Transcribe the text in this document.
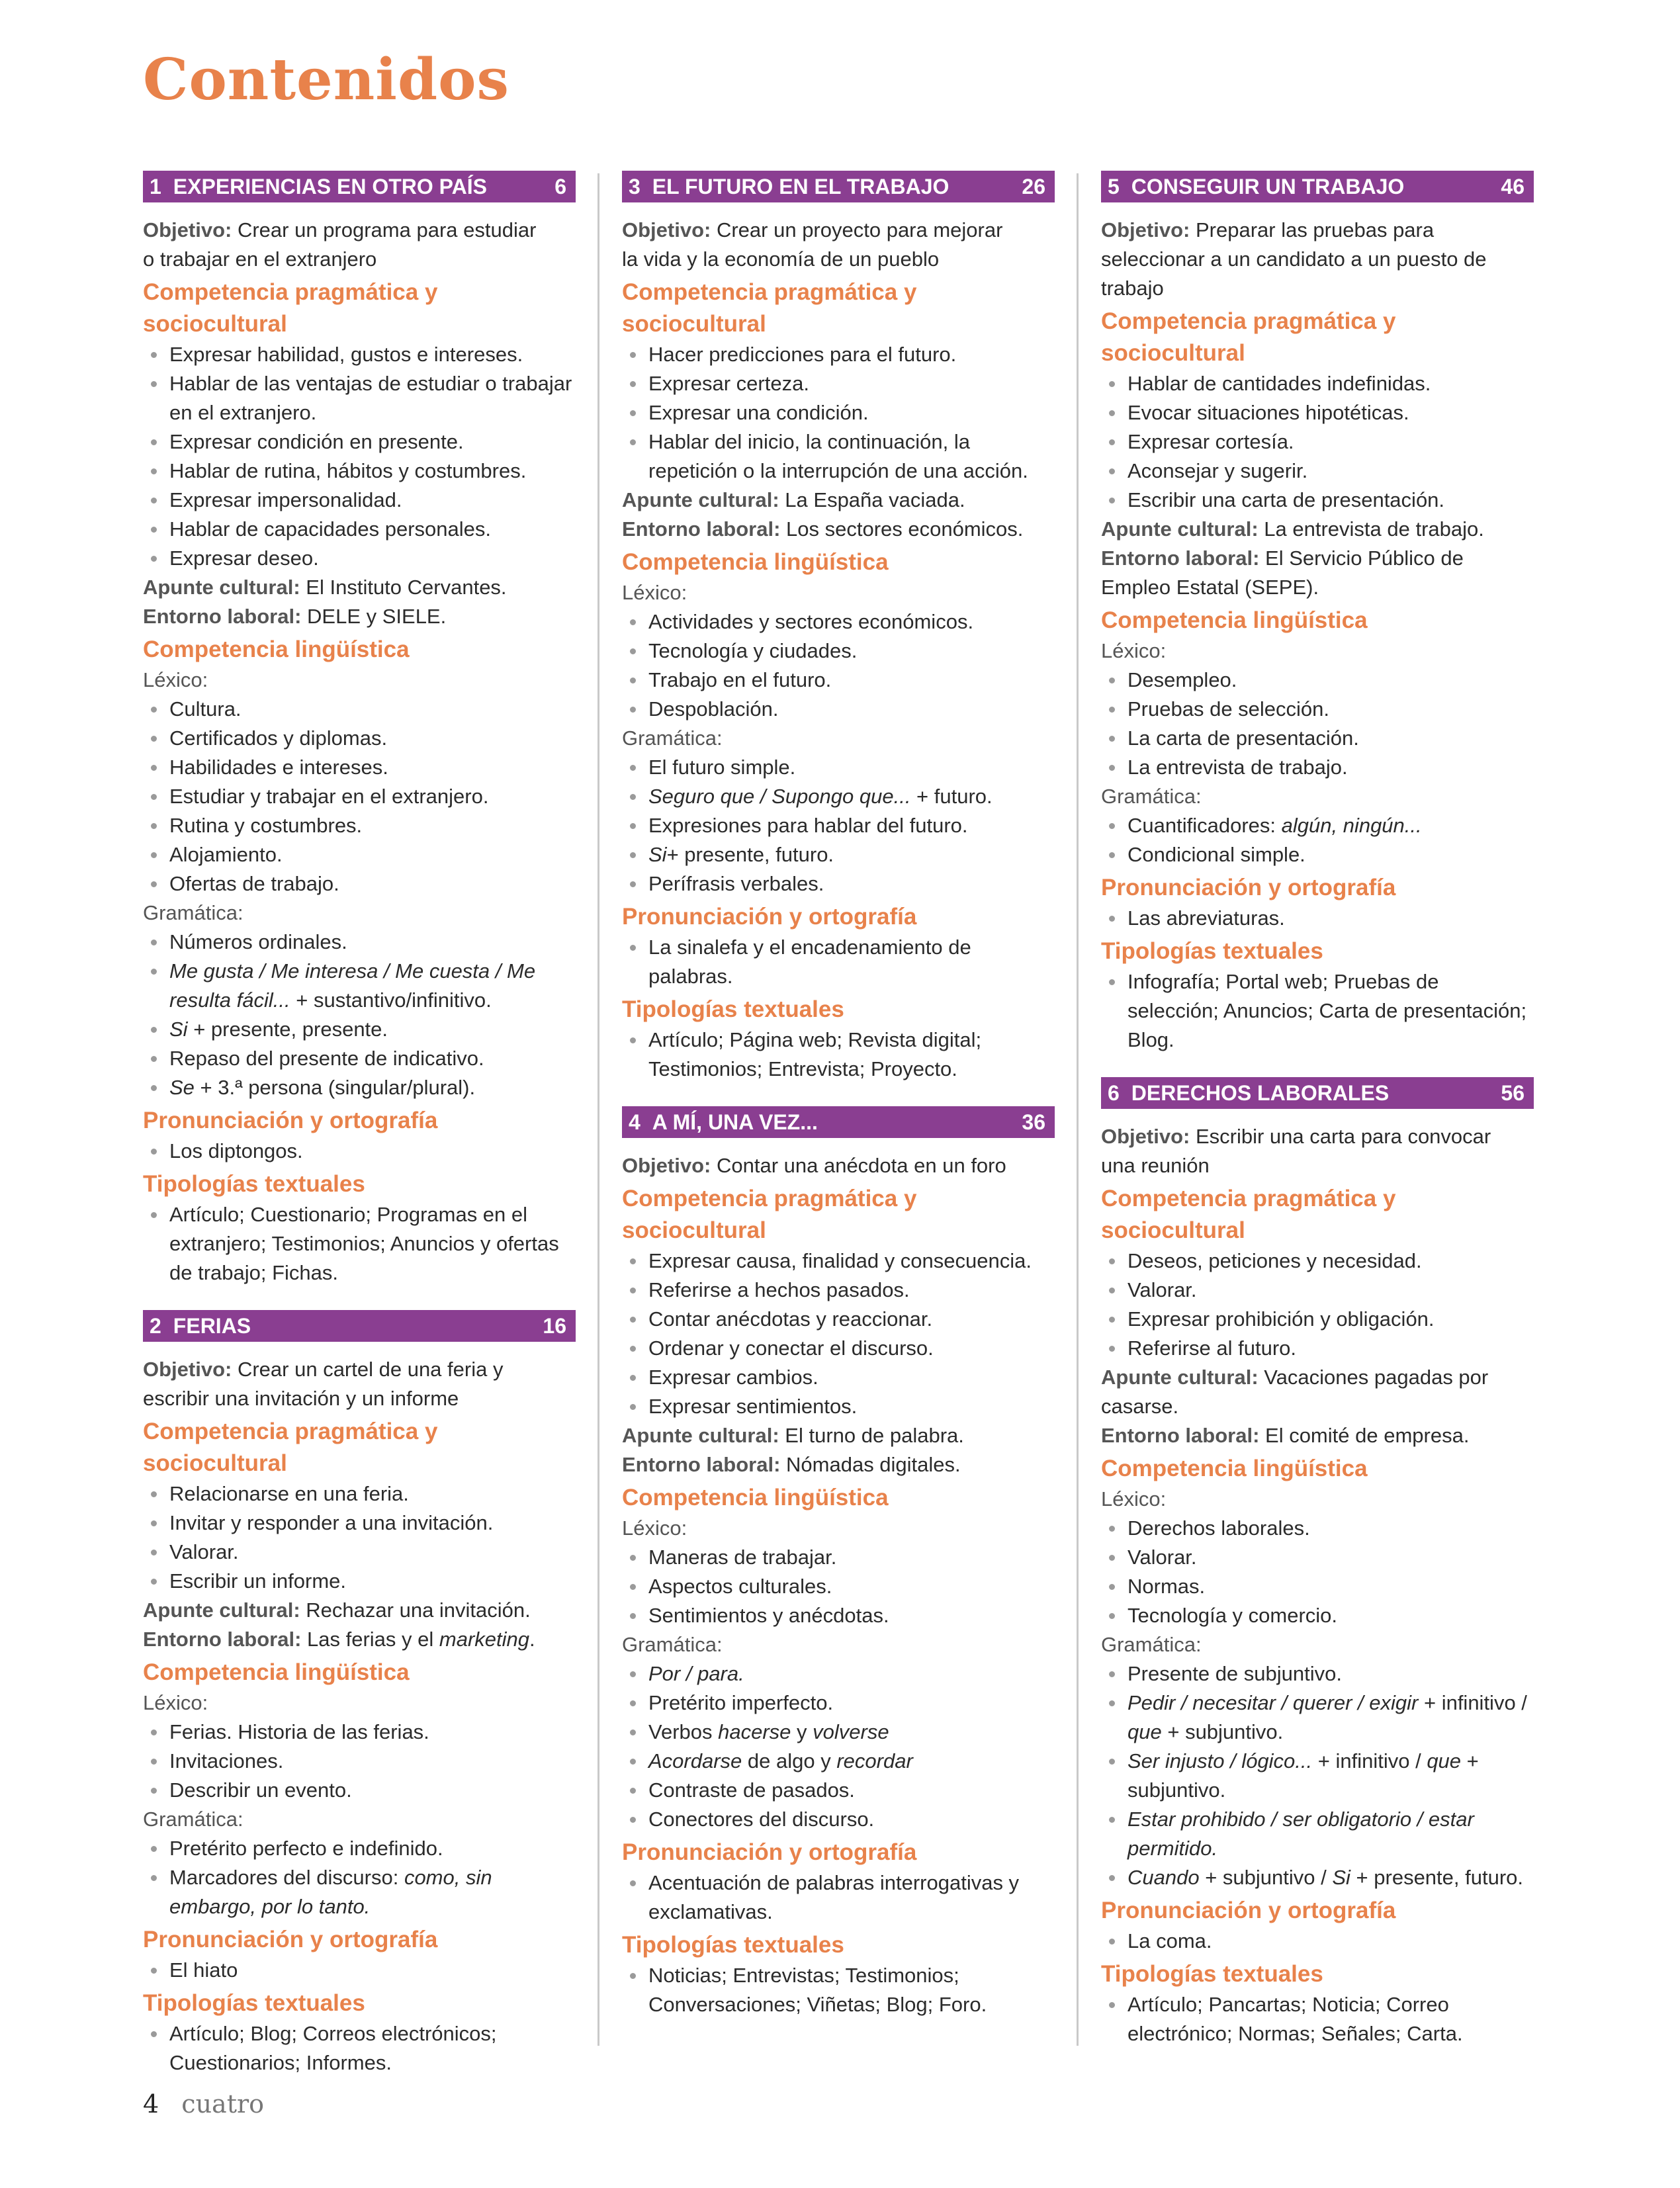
Contenidos
1 EXPERIENCIAS EN OTRO PAÍS	6

Objetivo: Crear un programa para estudiar

o trabajar en el extranjero

Competencia pragmática y sociocultural
Expresar habilidad, gustos e intereses.
Hablar de las ventajas de estudiar o trabajar en el extranjero.
Expresar condición en presente.
Hablar de rutina, hábitos y costumbres.
Expresar impersonalidad.
Hablar de capacidades personales.
Expresar deseo.

Apunte cultural: El Instituto Cervantes.

Entorno laboral: DELE y SIELE.

Competencia lingüística

Léxico:

Cultura.
Certificados y diplomas.
Habilidades e intereses.
Estudiar y trabajar en el extranjero.
Rutina y costumbres.
Alojamiento.
Ofertas de trabajo.

Gramática:

Números ordinales.
Me gusta / Me interesa / Me cuesta / Me resulta fácil... + sustantivo/infinitivo.
Si + presente, presente.
Repaso del presente de indicativo.
Se + 3.ª persona (singular/plural).
Pronunciación y ortografía
Los diptongos.
Tipologías textuales
Artículo; Cuestionario; Programas en el extranjero; Testimonios; Anuncios y ofertas de trabajo; Fichas.
2 FERIAS	16

Objetivo: Crear un cartel de una feria y

escribir una invitación y un informe

Competencia pragmática y sociocultural
Relacionarse en una feria.
Invitar y responder a una invitación.
Valorar.
Escribir un informe.

Apunte cultural: Rechazar una invitación.

Entorno laboral: Las ferias y el marketing.

Competencia lingüística

Léxico:

Ferias. Historia de las ferias.
Invitaciones.
Describir un evento.

Gramática:

Pretérito perfecto e indefinido.
Marcadores del discurso: como, sin embargo, por lo tanto.
Pronunciación y ortografía
El hiato
Tipologías textuales
Artículo; Blog; Correos electrónicos; Cuestionarios; Informes.
3 EL FUTURO EN EL TRABAJO	26

Objetivo: Crear un proyecto para mejorar

la vida y la economía de un pueblo

Competencia pragmática y sociocultural
Hacer predicciones para el futuro.
Expresar certeza.
Expresar una condición.
Hablar del inicio, la continuación, la repetición o la interrupción de una acción.

Apunte cultural: La España vaciada.

Entorno laboral: Los sectores económicos.

Competencia lingüística

Léxico:

Actividades y sectores económicos.
Tecnología y ciudades.
Trabajo en el futuro.
Despoblación.

Gramática:

El futuro simple.
Seguro que / Supongo que... + futuro.
Expresiones para hablar del futuro.
Si+ presente, futuro.
Perífrasis verbales.
Pronunciación y ortografía
La sinalefa y el encadenamiento de palabras.
Tipologías textuales
Artículo; Página web; Revista digital; Testimonios; Entrevista; Proyecto.
4 A MÍ, UNA VEZ...	36

Objetivo: Contar una anécdota en un foro

Competencia pragmática y sociocultural
Expresar causa, finalidad y consecuencia.
Referirse a hechos pasados.
Contar anécdotas y reaccionar.
Ordenar y conectar el discurso.
Expresar cambios.
Expresar sentimientos.

Apunte cultural: El turno de palabra.

Entorno laboral: Nómadas digitales.

Competencia lingüística

Léxico:

Maneras de trabajar.
Aspectos culturales.
Sentimientos y anécdotas.

Gramática:

Por / para.
Pretérito imperfecto.
Verbos hacerse y volverse
Acordarse de algo y recordar
Contraste de pasados.
Conectores del discurso.
Pronunciación y ortografía
Acentuación de palabras interrogativas y exclamativas.
Tipologías textuales
Noticias; Entrevistas; Testimonios; Conversaciones; Viñetas; Blog; Foro.
5 CONSEGUIR UN TRABAJO	46

Objetivo: Preparar las pruebas para

seleccionar a un candidato a un puesto de

trabajo

Competencia pragmática y sociocultural
Hablar de cantidades indefinidas.
Evocar situaciones hipotéticas.
Expresar cortesía.
Aconsejar y sugerir.
Escribir una carta de presentación.

Apunte cultural: La entrevista de trabajo.

Entorno laboral: El Servicio Público de Empleo Estatal (SEPE).

Competencia lingüística

Léxico:

Desempleo.
Pruebas de selección.
La carta de presentación.
La entrevista de trabajo.

Gramática:

Cuantificadores: algún, ningún...
Condicional simple.
Pronunciación y ortografía
Las abreviaturas.
Tipologías textuales
Infografía; Portal web; Pruebas de selección; Anuncios; Carta de presentación; Blog.
6 DERECHOS LABORALES	56

Objetivo: Escribir una carta para convocar

una reunión

Competencia pragmática y sociocultural
Deseos, peticiones y necesidad.
Valorar.
Expresar prohibición y obligación.
Referirse al futuro.

Apunte cultural: Vacaciones pagadas por casarse.

Entorno laboral: El comité de empresa.

Competencia lingüística

Léxico:

Derechos laborales.
Valorar.
Normas.
Tecnología y comercio.

Gramática:

Presente de subjuntivo.
Pedir / necesitar / querer / exigir + infinitivo / que + subjuntivo.
Ser injusto / lógico... + infinitivo / que + subjuntivo.
Estar prohibido / ser obligatorio / estar permitido.
Cuando + subjuntivo / Si + presente, futuro.
Pronunciación y ortografía
La coma.
Tipologías textuales
Artículo; Pancartas; Noticia; Correo electrónico; Normas; Señales; Carta.
4 cuatro
